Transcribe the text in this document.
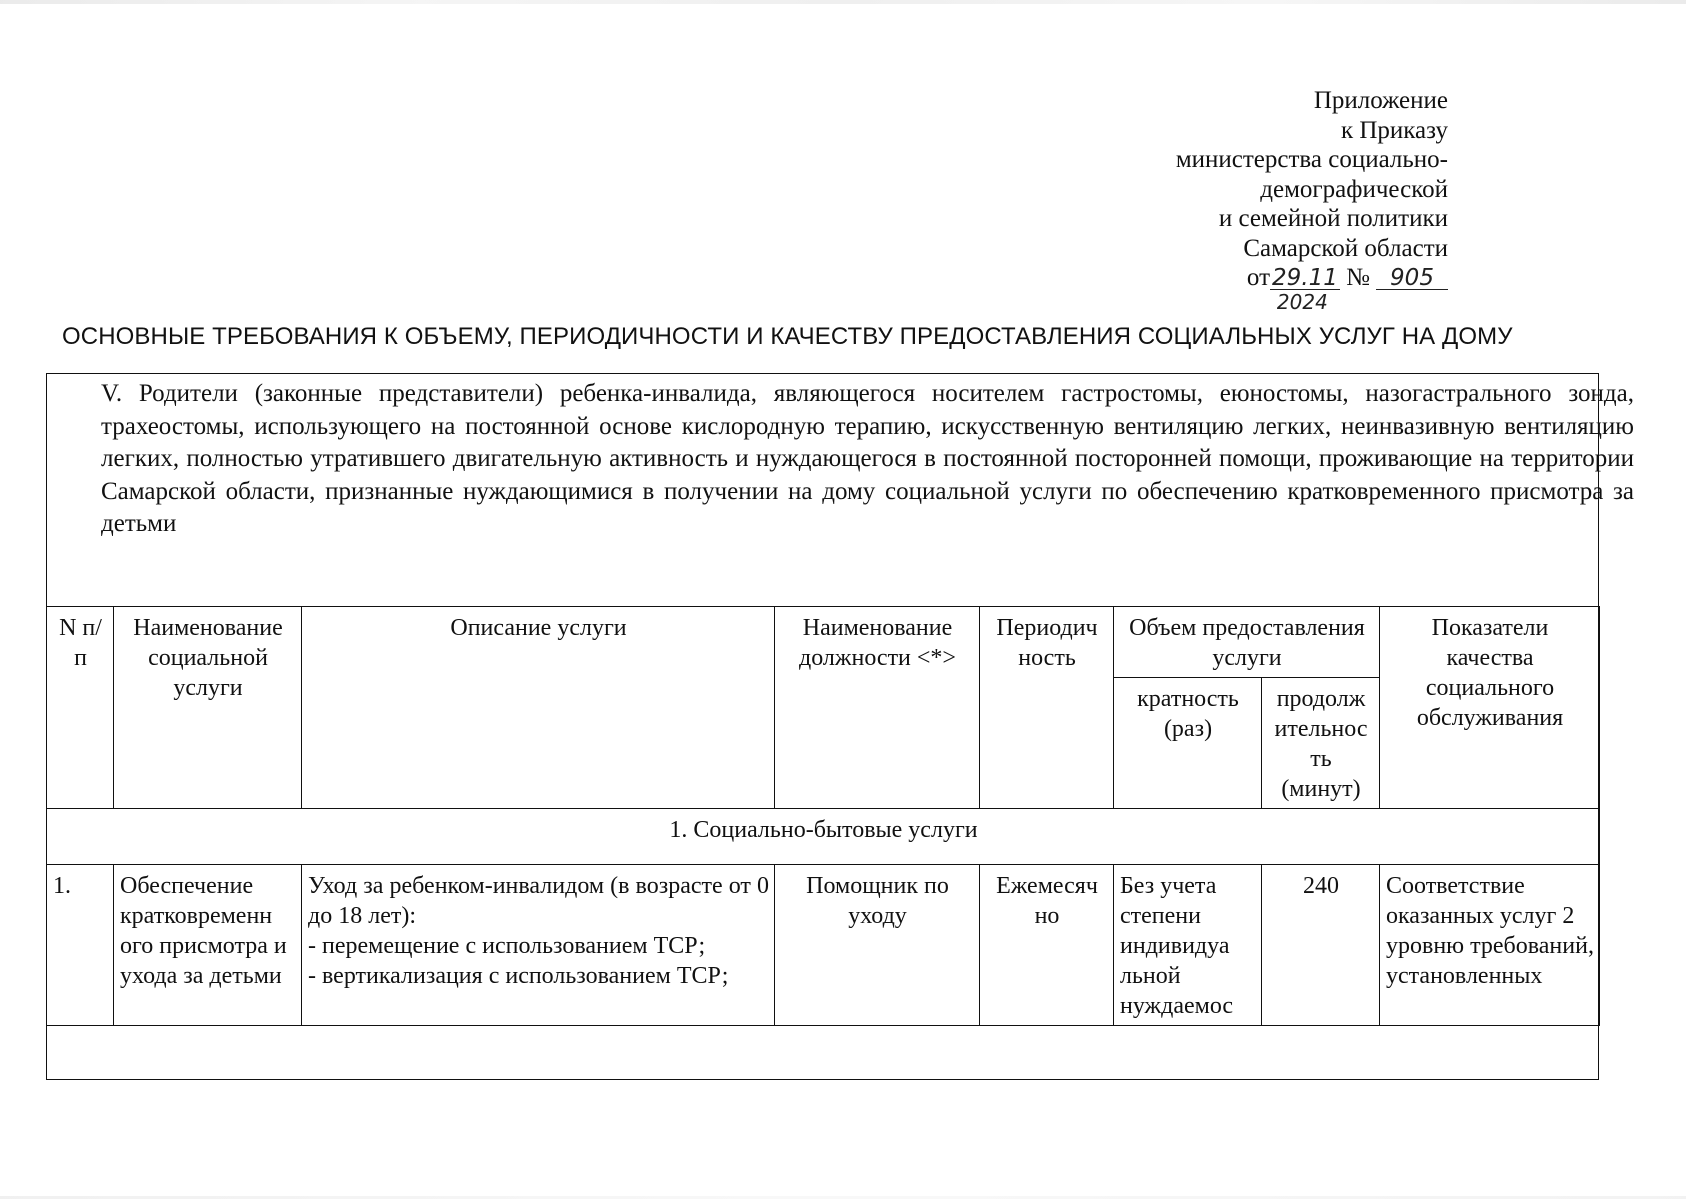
Приложение
к Приказу
министерства социально-
демографической
и семейной политики
Самарской области
от29.11
2024
№ 905
ОСНОВНЫЕ ТРЕБОВАНИЯ К ОБЪЕМУ, ПЕРИОДИЧНОСТИ И КАЧЕСТВУ ПРЕДОСТАВЛЕНИЯ СОЦИАЛЬНЫХ УСЛУГ НА ДОМУ

V. Родители (законные представители) ребенка-инвалида, являющегося носителем гастростомы, еюностомы, назогастрального зонда, трахеостомы, использующего на постоянной основе кислородную терапию, искусственную вентиляцию легких, неинвазивную вентиляцию легких, полностью утратившего двигательную активность и нуждающегося в постоянной посторонней помощи, проживающие на территории Самарской области, признанные нуждающимися в получении на дому социальной услуги по обеспечению кратковременного присмотра за детьми

N п/п	Наименование социальной услуги	Описание услуги	Наименование должности <*>	Периодич ность	Объем предоставления услуги		Показатели качества социального обслуживания
					кратность (раз)	продолж ительнос ть (минут)	
1. Социально-бытовые услуги							
1.	Обеспечение кратковременн ого присмотра и ухода за детьми	Уход за ребенком-инвалидом (в возрасте от 0 до 18 лет):
- перемещение с использованием ТСР;
- вертикализация с использованием ТСР;	Помощник по уходу	Ежемесяч но	Без учета степени индивидуа льной нуждаемос	240	Соответствие оказанных услуг 2 уровню требований, установленных
